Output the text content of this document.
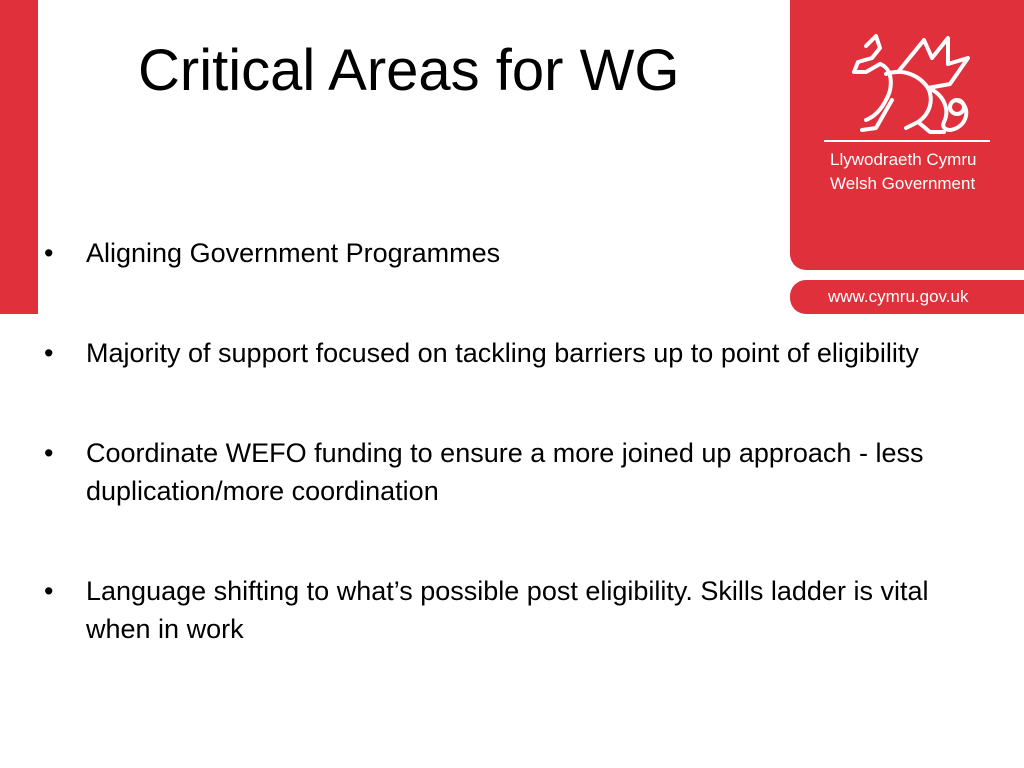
Critical Areas for WG
Llywodraeth Cymru
Welsh Government
www.cymru.gov.uk
• Aligning Government Programmes
• Majority of support focused on tackling barriers up to point of eligibility
• Coordinate WEFO funding to ensure a more joined up approach - less duplication/more coordination
• Language shifting to what’s possible post eligibility. Skills ladder is vital when in work
